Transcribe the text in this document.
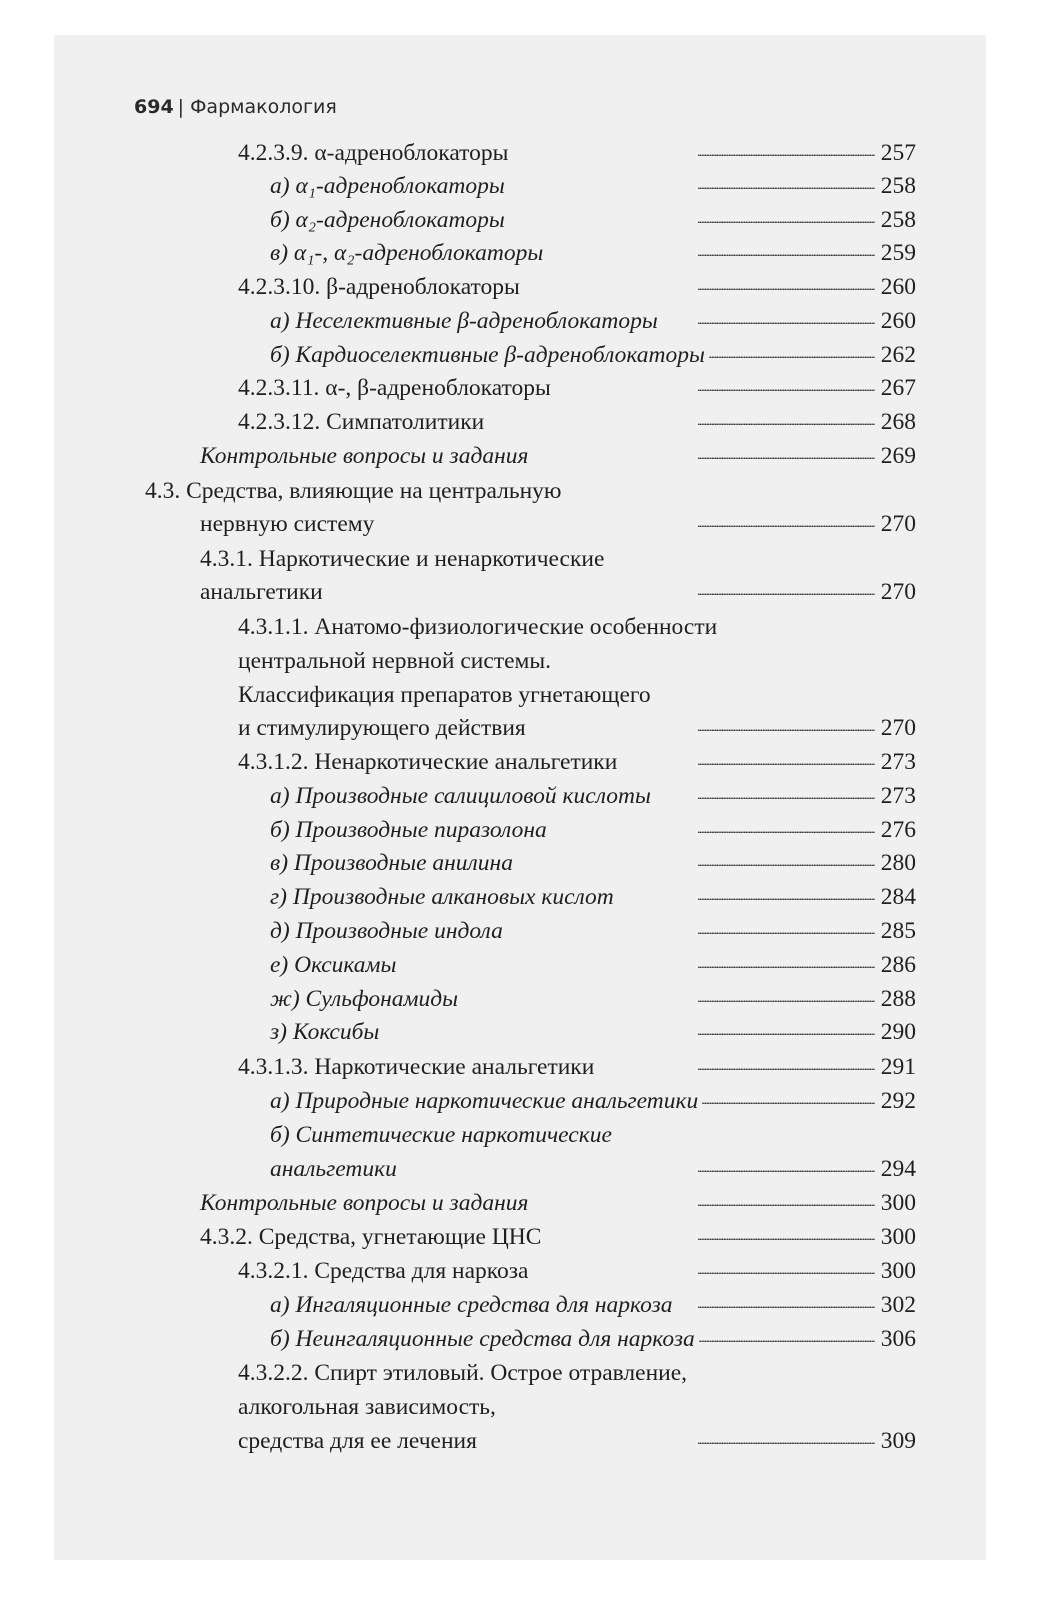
694 | Фармакология
4.2.3.9. α-адреноблокаторы . . .	257
а) α₁-адреноблокаторы . . .	258
б) α₂-адреноблокаторы . . .	258
в) α₁-, α₂-адреноблокаторы . . .	259
4.2.3.10. β-адреноблокаторы . . .	260
а) Неселективные β-адреноблокаторы . . .	260
б) Кардиоселективные β-адреноблокаторы . . .	262
4.2.3.11. α-, β-адреноблокаторы . . .	267
4.2.3.12. Симпатолитики . . .	268
Контрольные вопросы и задания . . .	269
4.3. Средства, влияющие на центральную
нервную систему . . .	270
4.3.1. Наркотические и ненаркотические
анальгетики . . .	270
4.3.1.1. Анатомо-физиологические особенности
центральной нервной системы.
Классификация препаратов угнетающего
и стимулирующего действия . . .	270
4.3.1.2. Ненаркотические анальгетики . . .	273
а) Производные салициловой кислоты . . .	273
б) Производные пиразолона . . .	276
в) Производные анилина . . .	280
г) Производные алкановых кислот . . .	284
д) Производные индола . . .	285
е) Оксикамы . . .	286
ж) Сульфонамиды . . .	288
з) Коксибы . . .	290
4.3.1.3. Наркотические анальгетики . . .	291
а) Природные наркотические анальгетики . . .	292
б) Синтетические наркотические
анальгетики . . .	294
Контрольные вопросы и задания . . .	300
4.3.2. Средства, угнетающие ЦНС . . .	300
4.3.2.1. Средства для наркоза . . .	300
а) Ингаляционные средства для наркоза . . .	302
б) Неингаляционные средства для наркоза . . .	306
4.3.2.2. Спирт этиловый. Острое отравление,
алкогольная зависимость,
средства для ее лечения . . .	309
